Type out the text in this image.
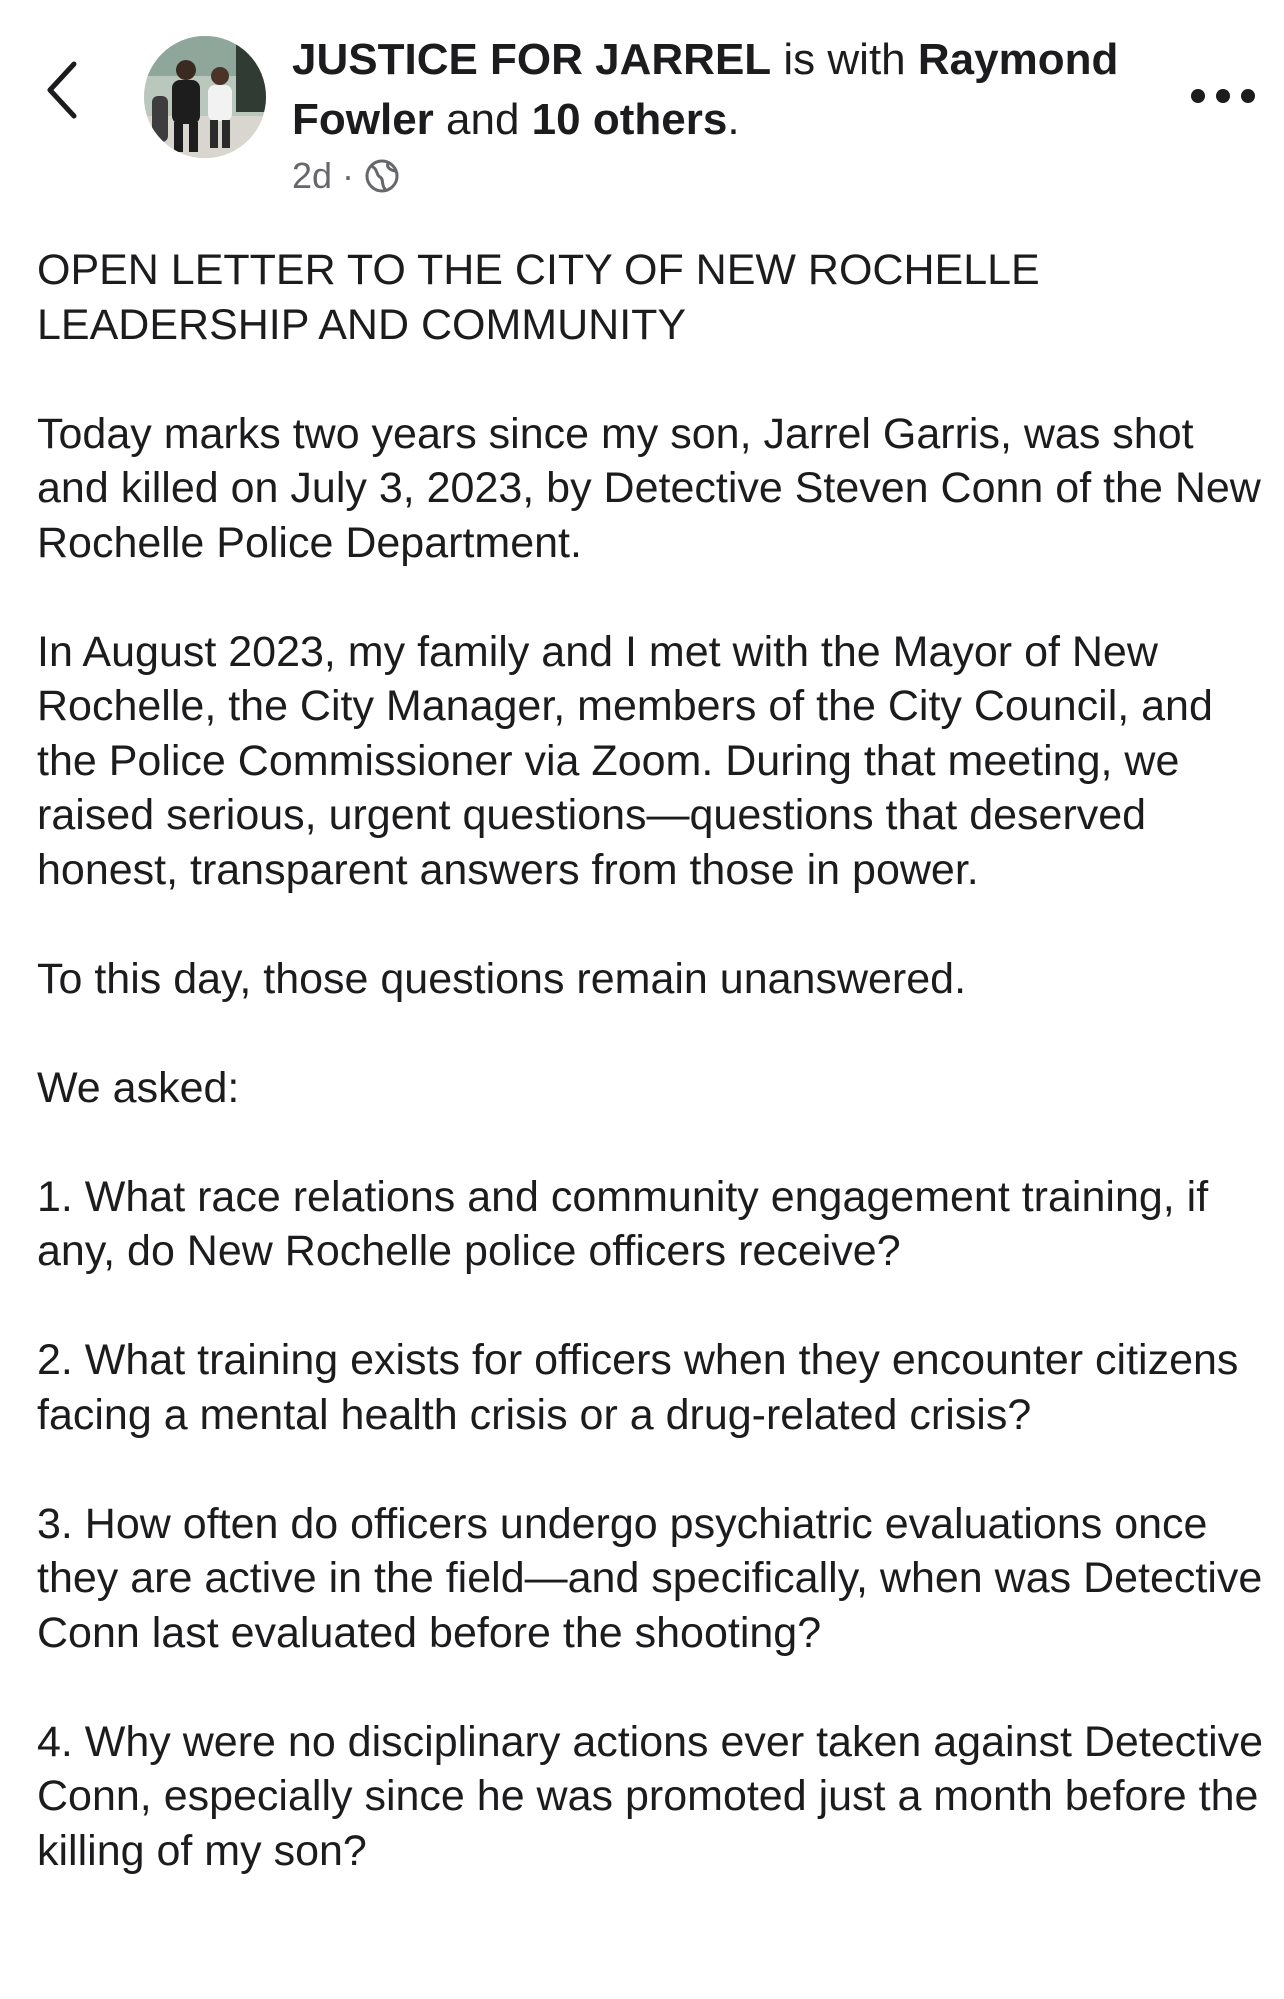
JUSTICE FOR JARREL is with Raymond Fowler and 10 others.
2d ·

OPEN LETTER TO THE CITY OF NEW ROCHELLE LEADERSHIP AND COMMUNITY

Today marks two years since my son, Jarrel Garris, was shot and killed on July 3, 2023, by Detective Steven Conn of the New Rochelle Police Department.

In August 2023, my family and I met with the Mayor of New Rochelle, the City Manager, members of the City Council, and the Police Commissioner via Zoom. During that meeting, we raised serious, urgent questions—questions that deserved honest, transparent answers from those in power.

To this day, those questions remain unanswered.

We asked:

1. What race relations and community engagement training, if any, do New Rochelle police officers receive?

2. What training exists for officers when they encounter citizens facing a mental health crisis or a drug-related crisis?

3. How often do officers undergo psychiatric evaluations once they are active in the field—and specifically, when was Detective Conn last evaluated before the shooting?

4. Why were no disciplinary actions ever taken against Detective Conn, especially since he was promoted just a month before the killing of my son?
